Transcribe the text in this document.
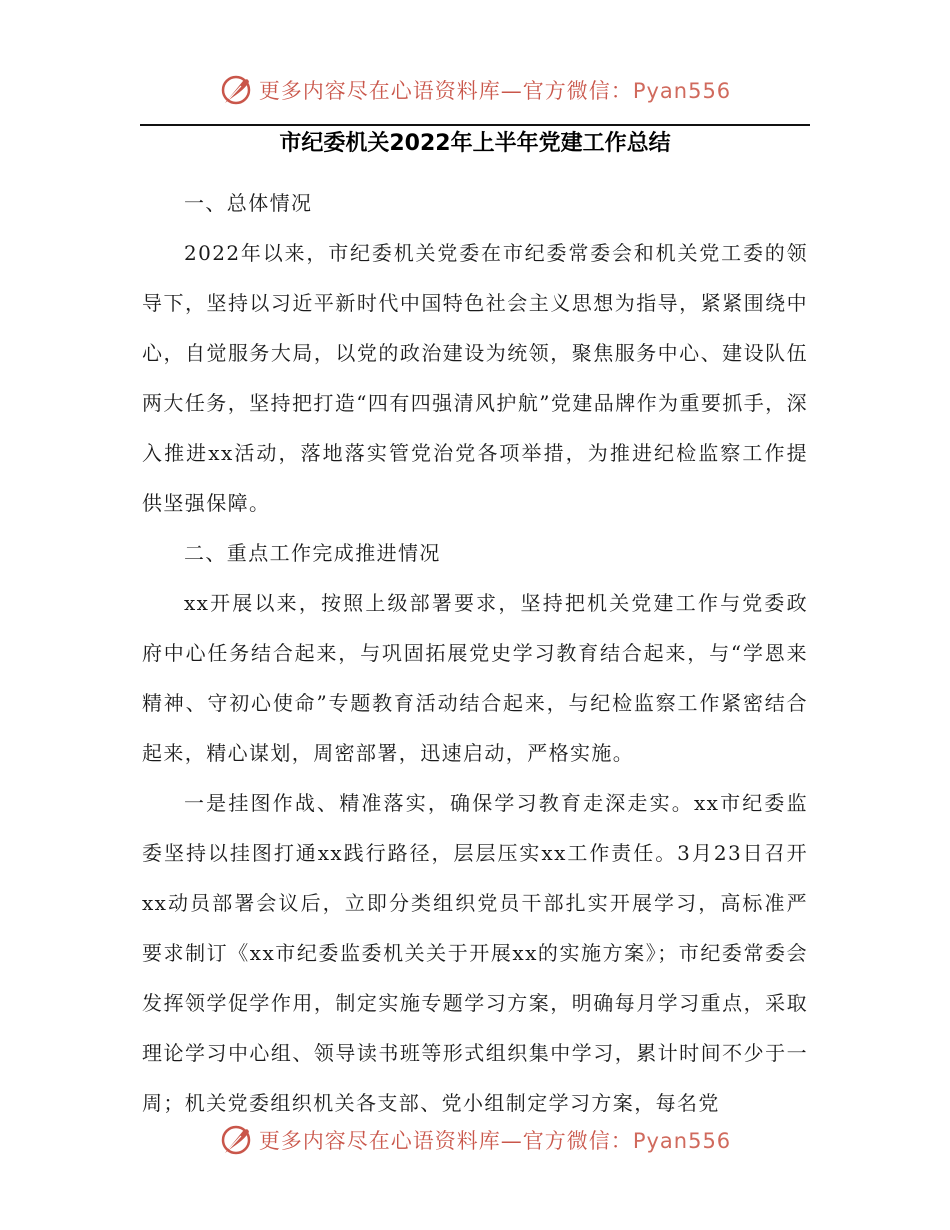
更多内容尽在心语资料库—官方微信：Pyan556
市纪委机关2022年上半年党建工作总结

一、总体情况

2022年以来，市纪委机关党委在市纪委常委会和机关党工委的领导下，坚持以习近平新时代中国特色社会主义思想为指导，紧紧围绕中心，自觉服务大局，以党的政治建设为统领，聚焦服务中心、建设队伍两大任务，坚持把打造“四有四强清风护航”党建品牌作为重要抓手，深入推进xx活动，落地落实管党治党各项举措，为推进纪检监察工作提供坚强保障。

二、重点工作完成推进情况

xx开展以来，按照上级部署要求，坚持把机关党建工作与党委政府中心任务结合起来，与巩固拓展党史学习教育结合起来，与“学恩来精神、守初心使命”专题教育活动结合起来，与纪检监察工作紧密结合起来，精心谋划，周密部署，迅速启动，严格实施。

一是挂图作战、精准落实，确保学习教育走深走实。xx市纪委监委坚持以挂图打通xx践行路径，层层压实xx工作责任。3月23日召开xx动员部署会议后，立即分类组织党员干部扎实开展学习，高标准严要求制订《xx市纪委监委机关关于开展xx的实施方案》；市纪委常委会发挥领学促学作用，制定实施专题学习方案，明确每月学习重点，采取理论学习中心组、领导读书班等形式组织集中学习，累计时间不少于一周；机关党委组织机关各支部、党小组制定学习方案，每名党

更多内容尽在心语资料库—官方微信：Pyan556
